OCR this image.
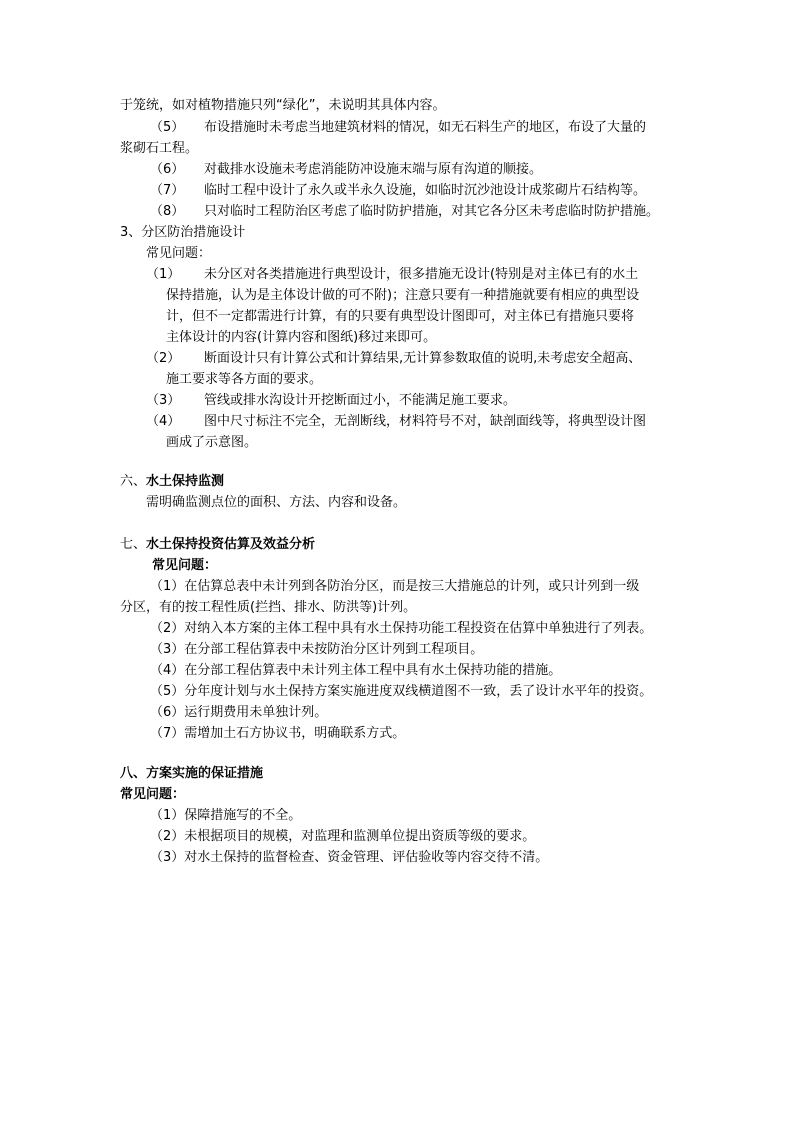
于笼统，如对植物措施只列“绿化”，未说明其具体内容。
（5） 布设措施时未考虑当地建筑材料的情况，如无石料生产的地区，布设了大量的
浆砌石工程。
（6） 对截排水设施未考虑消能防冲设施末端与原有沟道的顺接。
（7） 临时工程中设计了永久或半永久设施，如临时沉沙池设计成浆砌片石结构等。
（8） 只对临时工程防治区考虑了临时防护措施，对其它各分区未考虑临时防护措施。
3、分区防治措施设计
常见问题：
（1） 未分区对各类措施进行典型设计，很多措施无设计(特别是对主体已有的水土
保持措施，认为是主体设计做的可不附)；注意只要有一种措施就要有相应的典型设
计，但不一定都需进行计算，有的只要有典型设计图即可，对主体已有措施只要将
主体设计的内容(计算内容和图纸)移过来即可。
（2） 断面设计只有计算公式和计算结果,无计算参数取值的说明,未考虑安全超高、
施工要求等各方面的要求。
（3） 管线或排水沟设计开挖断面过小，不能满足施工要求。
（4） 图中尺寸标注不完全，无剖断线，材料符号不对，缺剖面线等，将典型设计图
画成了示意图。
六、水土保持监测
需明确监测点位的面积、方法、内容和设备。
七、水土保持投资估算及效益分析
常见问题：
（1）在估算总表中未计列到各防治分区，而是按三大措施总的计列，或只计列到一级
分区，有的按工程性质(拦挡、排水、防洪等)计列。
（2）对纳入本方案的主体工程中具有水土保持功能工程投资在估算中单独进行了列表。
（3）在分部工程估算表中未按防治分区计列到工程项目。
（4）在分部工程估算表中未计列主体工程中具有水土保持功能的措施。
（5）分年度计划与水土保持方案实施进度双线横道图不一致，丢了设计水平年的投资。
（6）运行期费用未单独计列。
（7）需增加土石方协议书，明确联系方式。
八、方案实施的保证措施
常见问题：
（1）保障措施写的不全。
（2）未根据项目的规模，对监理和监测单位提出资质等级的要求。
（3）对水土保持的监督检查、资金管理、评估验收等内容交待不清。
